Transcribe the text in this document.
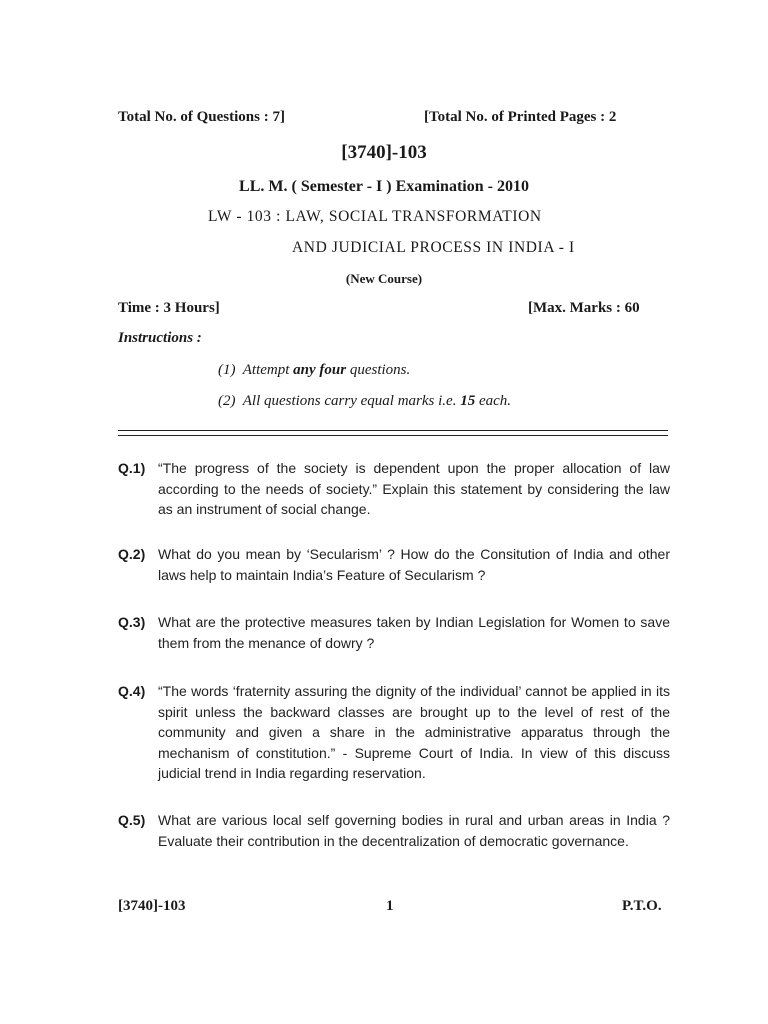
Total No. of Questions : 7]	[Total No. of Printed Pages : 2
[3740]-103
LL. M. ( Semester - I ) Examination - 2010
LW - 103 : LAW, SOCIAL TRANSFORMATION
AND JUDICIAL PROCESS IN INDIA - I
(New Course)
Time : 3 Hours]	[Max. Marks : 60
Instructions :
(1) Attempt any four questions.
(2) All questions carry equal marks i.e. 15 each.
Q.1) “The progress of the society is dependent upon the proper allocation of law according to the needs of society.” Explain this statement by considering the law as an instrument of social change.
Q.2) What do you mean by ‘Secularism’ ? How do the Consitution of India and other laws help to maintain India’s Feature of Secularism ?
Q.3) What are the protective measures taken by Indian Legislation for Women to save them from the menance of dowry ?
Q.4) “The words ‘fraternity assuring the dignity of the individual’ cannot be applied in its spirit unless the backward classes are brought up to the level of rest of the community and given a share in the administrative apparatus through the mechanism of constitution.” - Supreme Court of India. In view of this discuss judicial trend in India regarding reservation.
Q.5) What are various local self governing bodies in rural and urban areas in India ? Evaluate their contribution in the decentralization of democratic governance.
[3740]-103	1	P.T.O.
